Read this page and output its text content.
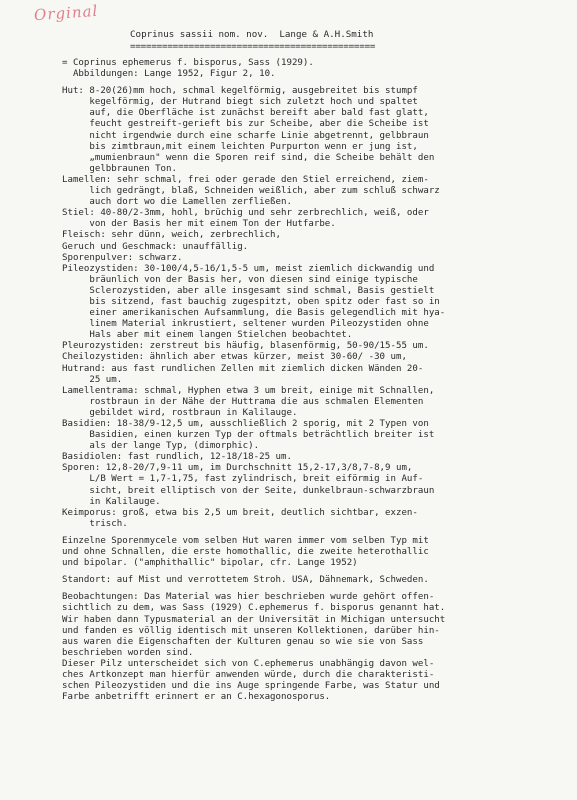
Orginal
Coprinus sassii nom. nov.  Lange & A.H.Smith
==============================================
= Coprinus ephemerus f. bisporus, Sass (1929).
Abbildungen: Lange 1952, Figur 2, 10.
Hut: 8-20(26)mm hoch, schmal kegelförmig, ausgebreitet bis stumpf
kegelförmig, der Hutrand biegt sich zuletzt hoch und spaltet
auf, die Oberfläche ist zunächst bereift aber bald fast glatt,
feucht gestreift-gerieft bis zur Scheibe, aber die Scheibe ist
nicht irgendwie durch eine scharfe Linie abgetrennt, gelbbraun
bis zimtbraun,mit einem leichten Purpurton wenn er jung ist,
„mumienbraun" wenn die Sporen reif sind, die Scheibe behält den
gelbbraunen Ton.
Lamellen: sehr schmal, frei oder gerade den Stiel erreichend, ziem-
lich gedrängt, blaß, Schneiden weißlich, aber zum schluß schwarz
auch dort wo die Lamellen zerfließen.
Stiel: 40-80/2-3mm, hohl, brüchig und sehr zerbrechlich, weiß, oder
von der Basis her mit einem Ton der Hutfarbe.
Fleisch: sehr dünn, weich, zerbrechlich,
Geruch und Geschmack: unauffällig.
Sporenpulver: schwarz.
Pileozystiden: 30-100/4,5-16/1,5-5 um, meist ziemlich dickwandig und
bräunlich von der Basis her, von diesen sind einige typische
Sclerozystiden, aber alle insgesamt sind schmal, Basis gestielt
bis sitzend, fast bauchig zugespitzt, oben spitz oder fast so in
einer amerikanischen Aufsammlung, die Basis gelegendlich mit hya-
linem Material inkrustiert, seltener wurden Pileozystiden ohne
Hals aber mit einem langen Stielchen beobachtet.
Pleurozystiden: zerstreut bis häufig, blasenförmig, 50-90/15-55 um.
Cheilozystiden: ähnlich aber etwas kürzer, meist 30-60/ -30 um,
Hutrand: aus fast rundlichen Zellen mit ziemlich dicken Wänden 20-
25 um.
Lamellentrama: schmal, Hyphen etwa 3 um breit, einige mit Schnallen,
rostbraun in der Nähe der Huttrama die aus schmalen Elementen
gebildet wird, rostbraun in Kalilauge.
Basidien: 18-38/9-12,5 um, ausschließlich 2 sporig, mit 2 Typen von
Basidien, einen kurzen Typ der oftmals beträchtlich breiter ist
als der lange Typ, (dimorphic).
Basidiolen: fast rundlich, 12-18/18-25 um.
Sporen: 12,8-20/7,9-11 um, im Durchschnitt 15,2-17,3/8,7-8,9 um,
L/B Wert = 1,7-1,75, fast zylindrisch, breit eiförmig in Auf-
sicht, breit elliptisch von der Seite, dunkelbraun-schwarzbraun
in Kalilauge.
Keimporus: groß, etwa bis 2,5 um breit, deutlich sichtbar, exzen-
trisch.
Einzelne Sporenmycele vom selben Hut waren immer vom selben Typ mit
und ohne Schnallen, die erste homothallic, die zweite heterothallic
und bipolar. ("amphithallic" bipolar, cfr. Lange 1952)
Standort: auf Mist und verrottetem Stroh. USA, Dähnemark, Schweden.
Beobachtungen: Das Material was hier beschrieben wurde gehört offen-
sichtlich zu dem, was Sass (1929) C.ephemerus f. bisporus genannt hat.
Wir haben dann Typusmaterial an der Universität in Michigan untersucht
und fanden es völlig identisch mit unseren Kollektionen, darüber hin-
aus waren die Eigenschaften der Kulturen genau so wie sie von Sass
beschrieben worden sind.
Dieser Pilz unterscheidet sich von C.ephemerus unabhängig davon wel-
ches Artkonzept man hierfür anwenden würde, durch die charakteristi-
schen Pileozystiden und die ins Auge springende Farbe, was Statur und
Farbe anbetrifft erinnert er an C.hexagonosporus.
